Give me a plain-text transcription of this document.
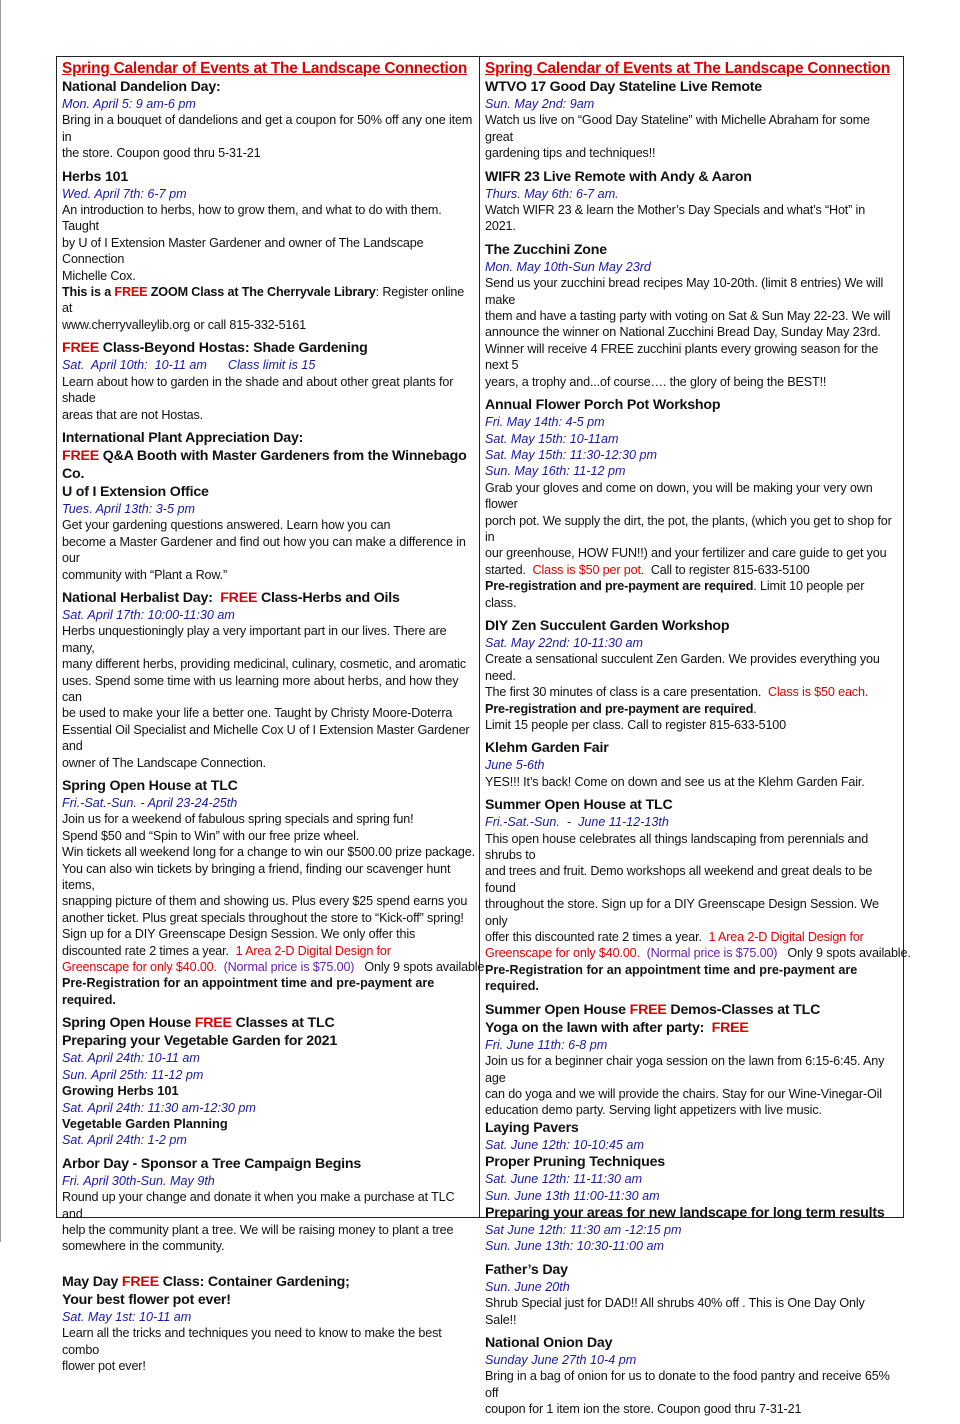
Spring Calendar of Events at The Landscape Connection
National Dandelion Day:
Mon. April 5: 9 am-6 pm
Bring in a bouquet of dandelions and get a coupon for 50% off any one item in
the store. Coupon good thru 5-31-21
Herbs 101
Wed. April 7th: 6-7 pm
An introduction to herbs, how to grow them, and what to do with them. Taught
by U of I Extension Master Gardener and owner of The Landscape Connection
Michelle Cox.
This is a FREE ZOOM Class at The Cherryvale Library: Register online at
www.cherryvalleylib.org or call 815-332-5161
FREE Class-Beyond Hostas: Shade Gardening
Sat.  April 10th:  10-11 am      Class limit is 15
Learn about how to garden in the shade and about other great plants for shade
areas that are not Hostas.
International Plant Appreciation Day:
FREE Q&A Booth with Master Gardeners from the Winnebago Co.
U of I Extension Office
Tues. April 13th: 3-5 pm
Get your gardening questions answered. Learn how you can
become a Master Gardener and find out how you can make a difference in our
community with “Plant a Row.”
National Herbalist Day:  FREE Class-Herbs and Oils
Sat. April 17th: 10:00-11:30 am
Herbs unquestioningly play a very important part in our lives. There are many,
many different herbs, providing medicinal, culinary, cosmetic, and aromatic
uses. Spend some time with us learning more about herbs, and how they can
be used to make your life a better one. Taught by Christy Moore-Doterra
Essential Oil Specialist and Michelle Cox U of I Extension Master Gardener and
owner of The Landscape Connection.
Spring Open House at TLC
Fri.-Sat.-Sun. - April 23-24-25th
Join us for a weekend of fabulous spring specials and spring fun!
Spend $50 and “Spin to Win” with our free prize wheel.
Win tickets all weekend long for a change to win our $500.00 prize package.
You can also win tickets by bringing a friend, finding our scavenger hunt items,
snapping picture of them and showing us. Plus every $25 spend earns you
another ticket. Plus great specials throughout the store to “Kick-off” spring!
Sign up for a DIY Greenscape Design Session. We only offer this
discounted rate 2 times a year.  1 Area 2-D Digital Design for
Greenscape for only $40.00.  (Normal price is $75.00)   Only 9 spots available
Pre-Registration for an appointment time and pre-payment are required.
Spring Open House FREE Classes at TLC
Preparing your Vegetable Garden for 2021
Sat. April 24th: 10-11 am
Sun. April 25th: 11-12 pm
Growing Herbs 101
Sat. April 24th: 11:30 am-12:30 pm
Vegetable Garden Planning
Sat. April 24th: 1-2 pm
Arbor Day - Sponsor a Tree Campaign Begins
Fri. April 30th-Sun. May 9th
Round up your change and donate it when you make a purchase at TLC and
help the community plant a tree. We will be raising money to plant a tree
somewhere in the community.
May Day FREE Class: Container Gardening;
Your best flower pot ever!
Sat. May 1st: 10-11 am
Learn all the tricks and techniques you need to know to make the best combo
flower pot ever!
Spring Calendar of Events at The Landscape Connection
WTVO 17 Good Day Stateline Live Remote
Sun. May 2nd: 9am
Watch us live on “Good Day Stateline” with Michelle Abraham for some great
gardening tips and techniques!!
WIFR 23 Live Remote with Andy & Aaron
Thurs. May 6th: 6-7 am.
Watch WIFR 23 & learn the Mother’s Day Specials and what’s “Hot” in 2021.
The Zucchini Zone
Mon. May 10th-Sun May 23rd
Send us your zucchini bread recipes May 10-20th. (limit 8 entries) We will make
them and have a tasting party with voting on Sat & Sun May 22-23. We will
announce the winner on National Zucchini Bread Day, Sunday May 23rd.
Winner will receive 4 FREE zucchini plants every growing season for the next 5
years, a trophy and...of course…. the glory of being the BEST!!
Annual Flower Porch Pot Workshop
Fri. May 14th: 4-5 pm
Sat. May 15th: 10-11am
Sat. May 15th: 11:30-12:30 pm
Sun. May 16th: 11-12 pm
Grab your gloves and come on down, you will be making your very own flower
porch pot. We supply the dirt, the pot, the plants, (which you get to shop for in
our greenhouse, HOW FUN!!) and your fertilizer and care guide to get you
started.  Class is $50 per pot.  Call to register 815-633-5100
Pre-registration and pre-payment are required. Limit 10 people per class.
DIY Zen Succulent Garden Workshop
Sat. May 22nd: 10-11:30 am
Create a sensational succulent Zen Garden. We provides everything you need.
The first 30 minutes of class is a care presentation.  Class is $50 each.
Pre-registration and pre-payment are required.
Limit 15 people per class. Call to register 815-633-5100
Klehm Garden Fair
June 5-6th
YES!!! It’s back! Come on down and see us at the Klehm Garden Fair.
Summer Open House at TLC
Fri.-Sat.-Sun.  -  June 11-12-13th
This open house celebrates all things landscaping from perennials and shrubs to
and trees and fruit. Demo workshops all weekend and great deals to be found
throughout the store. Sign up for a DIY Greenscape Design Session. We only
offer this discounted rate 2 times a year.  1 Area 2-D Digital Design for
Greenscape for only $40.00.  (Normal price is $75.00)   Only 9 spots available.
Pre-Registration for an appointment time and pre-payment are required.
Summer Open House FREE Demos-Classes at TLC
Yoga on the lawn with after party:  FREE
Fri. June 11th: 6-8 pm
Join us for a beginner chair yoga session on the lawn from 6:15-6:45. Any age
can do yoga and we will provide the chairs. Stay for our Wine-Vinegar-Oil
education demo party. Serving light appetizers with live music.
Laying Pavers
Sat. June 12th: 10-10:45 am
Proper Pruning Techniques
Sat. June 12th: 11-11:30 am
Sun. June 13th 11:00-11:30 am
Preparing your areas for new landscape for long term results
Sat June 12th: 11:30 am -12:15 pm
Sun. June 13th: 10:30-11:00 am
Father’s Day
Sun. June 20th
Shrub Special just for DAD!! All shrubs 40% off . This is One Day Only Sale!!
National Onion Day
Sunday June 27th 10-4 pm
Bring in a bag of onion for us to donate to the food pantry and receive 65% off
coupon for 1 item ion the store. Coupon good thru 7-31-21
